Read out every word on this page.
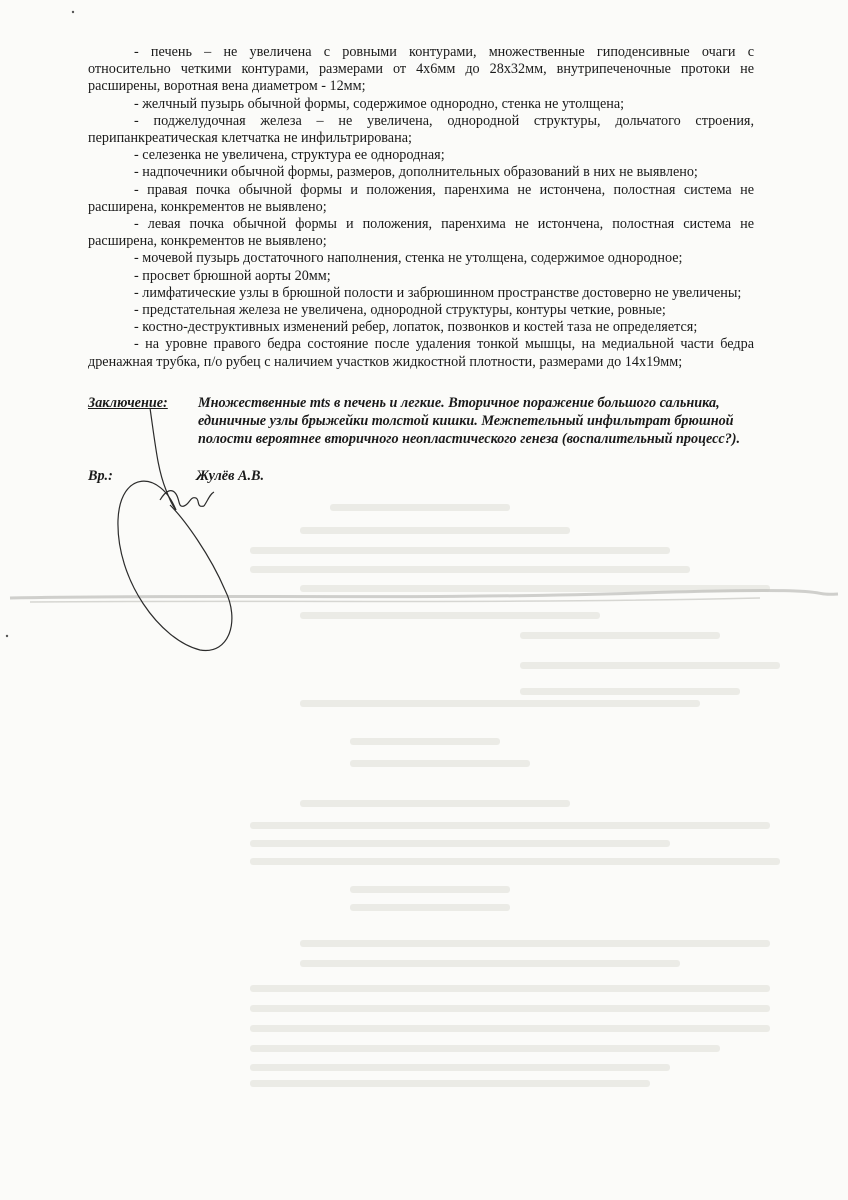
- печень – не увеличена с ровными контурами, множественные гиподенсивные очаги с
относительно четкими контурами, размерами от 4х6мм до 28х32мм, внутрипеченочные протоки не
расширены, воротная вена диаметром - 12мм;
- желчный пузырь обычной формы, содержимое однородно, стенка не утолщена;
- поджелудочная железа – не увеличена, однородной структуры, дольчатого строения,
перипанкреатическая клетчатка не инфильтрирована;
- селезенка не увеличена, структура ее однородная;
- надпочечники обычной формы, размеров, дополнительных образований в них не выявлено;
- правая почка обычной формы и положения, паренхима не истончена, полостная система не
расширена, конкрементов не выявлено;
- левая почка обычной формы и положения, паренхима не истончена, полостная система не
расширена, конкрементов не выявлено;
- мочевой пузырь достаточного наполнения, стенка не утолщена, содержимое однородное;
- просвет брюшной аорты 20мм;
- лимфатические узлы в брюшной полости и забрюшинном пространстве достоверно не увеличены;
- предстательная железа не увеличена, однородной структуры, контуры четкие, ровные;
- костно-деструктивных изменений ребер, лопаток, позвонков и костей таза не определяется;
- на уровне правого бедра состояние после удаления тонкой мышцы, на медиальной части бедра
дренажная трубка, п/о рубец с наличием участков жидкостной плотности, размерами до 14х19мм;
Заключение: Множественные mts в печень и легкие. Вторичное поражение большого сальника,
единичные узлы брыжейки толстой кишки. Межпетельный инфильтрат брюшной
полости вероятнее вторичного неопластического генеза (воспалительный процесс?).
Вр.:	Жулёв А.В.
